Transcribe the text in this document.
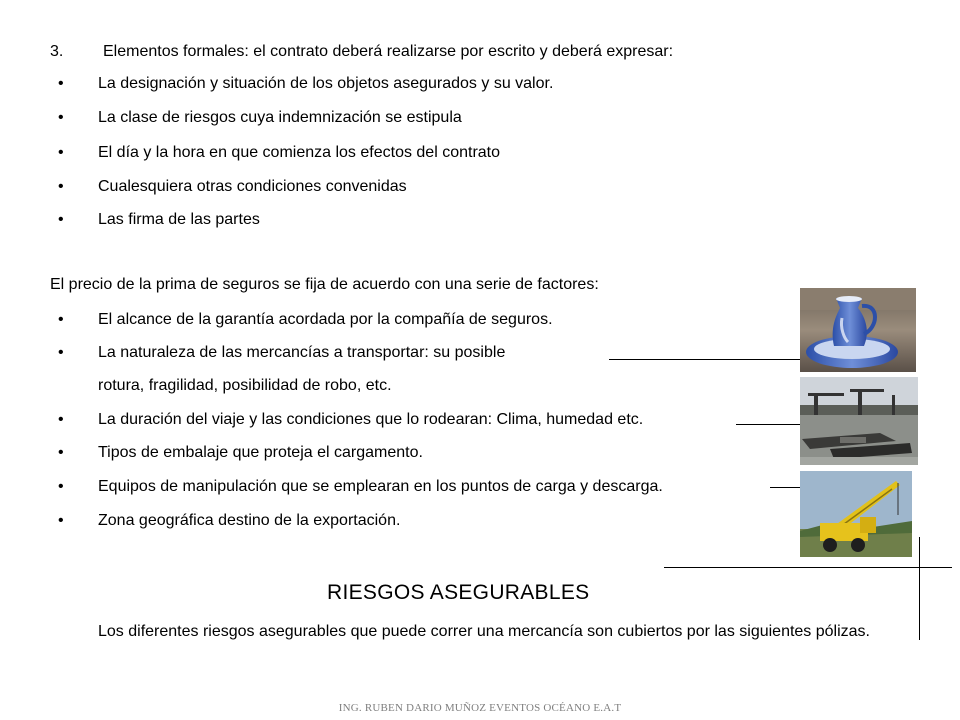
3. Elementos formales: el contrato deberá realizarse por escrito y deberá expresar:
• La designación y situación de los objetos asegurados y su valor.
• La clase de riesgos cuya indemnización se estipula
• El día y la hora en que comienza los efectos del contrato
• Cualesquiera otras condiciones convenidas
• Las firma de las partes
El precio de la prima de seguros se fija de acuerdo con una serie de factores:
• El alcance de la garantía acordada por la compañía de seguros.
• La naturaleza de las mercancías a transportar: su posible
rotura, fragilidad, posibilidad de robo, etc.
• La duración del viaje y las condiciones que lo rodearan: Clima, humedad etc.
• Tipos de embalaje que proteja el cargamento.
• Equipos de manipulación que se emplearan en los puntos de carga y descarga.
• Zona geográfica destino de la exportación.
RIESGOS ASEGURABLES
Los diferentes riesgos asegurables que puede correr una mercancía son cubiertos por las siguientes pólizas.
ING. RUBEN DARIO MUÑOZ EVENTOS OCÉANO E.A.T
